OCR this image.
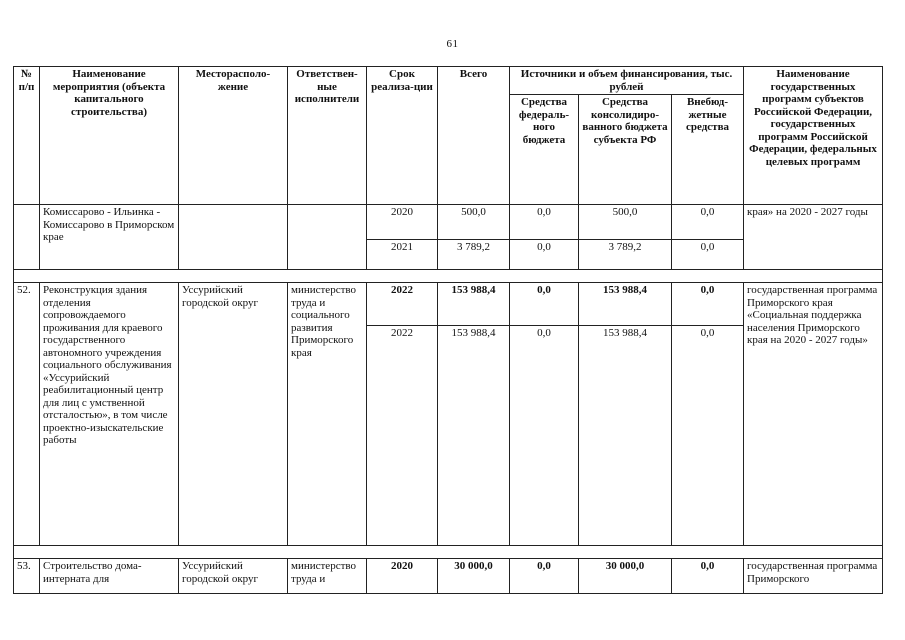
61
№ п/п	Наименование мероприятия (объекта капитального строительства)	Месторасполо-жение	Ответствен-ные исполнители	Срок реализа-ции	Всего	Источники и объем финансирования, тыс. рублей			Наименование государственных программ субъектов Российской Федерации, государственных программ Российской Федерации, федеральных целевых программ
						Средства федераль-ного бюджета	Средства консолидиро-ванного бюджета субъекта РФ	Внебюд-жетные средства	
	Комиссарово - Ильинка - Комиссарово в Приморском крае			2020	500,0	0,0	500,0	0,0	края» на 2020 - 2027 годы
				2021	3 789,2	0,0	3 789,2	0,0	

52.	Реконструкция здания отделения сопровождаемого проживания для краевого государственного автономного учреждения социального обслуживания «Уссурийский реабилитационный центр для лиц с умственной отсталостью», в том числе проектно-изыскательские работы	Уссурийский городской округ	министерство труда и социального развития Приморского края	2022	153 988,4	0,0	153 988,4	0,0	государственная программа Приморского края «Социальная поддержка населения Приморского края на 2020 - 2027 годы»
				2022	153 988,4	0,0	153 988,4	0,0	

53.	Строительство дома-интерната для	Уссурийский городской округ	министерство труда и	2020	30 000,0	0,0	30 000,0	0,0	государственная программа Приморского
